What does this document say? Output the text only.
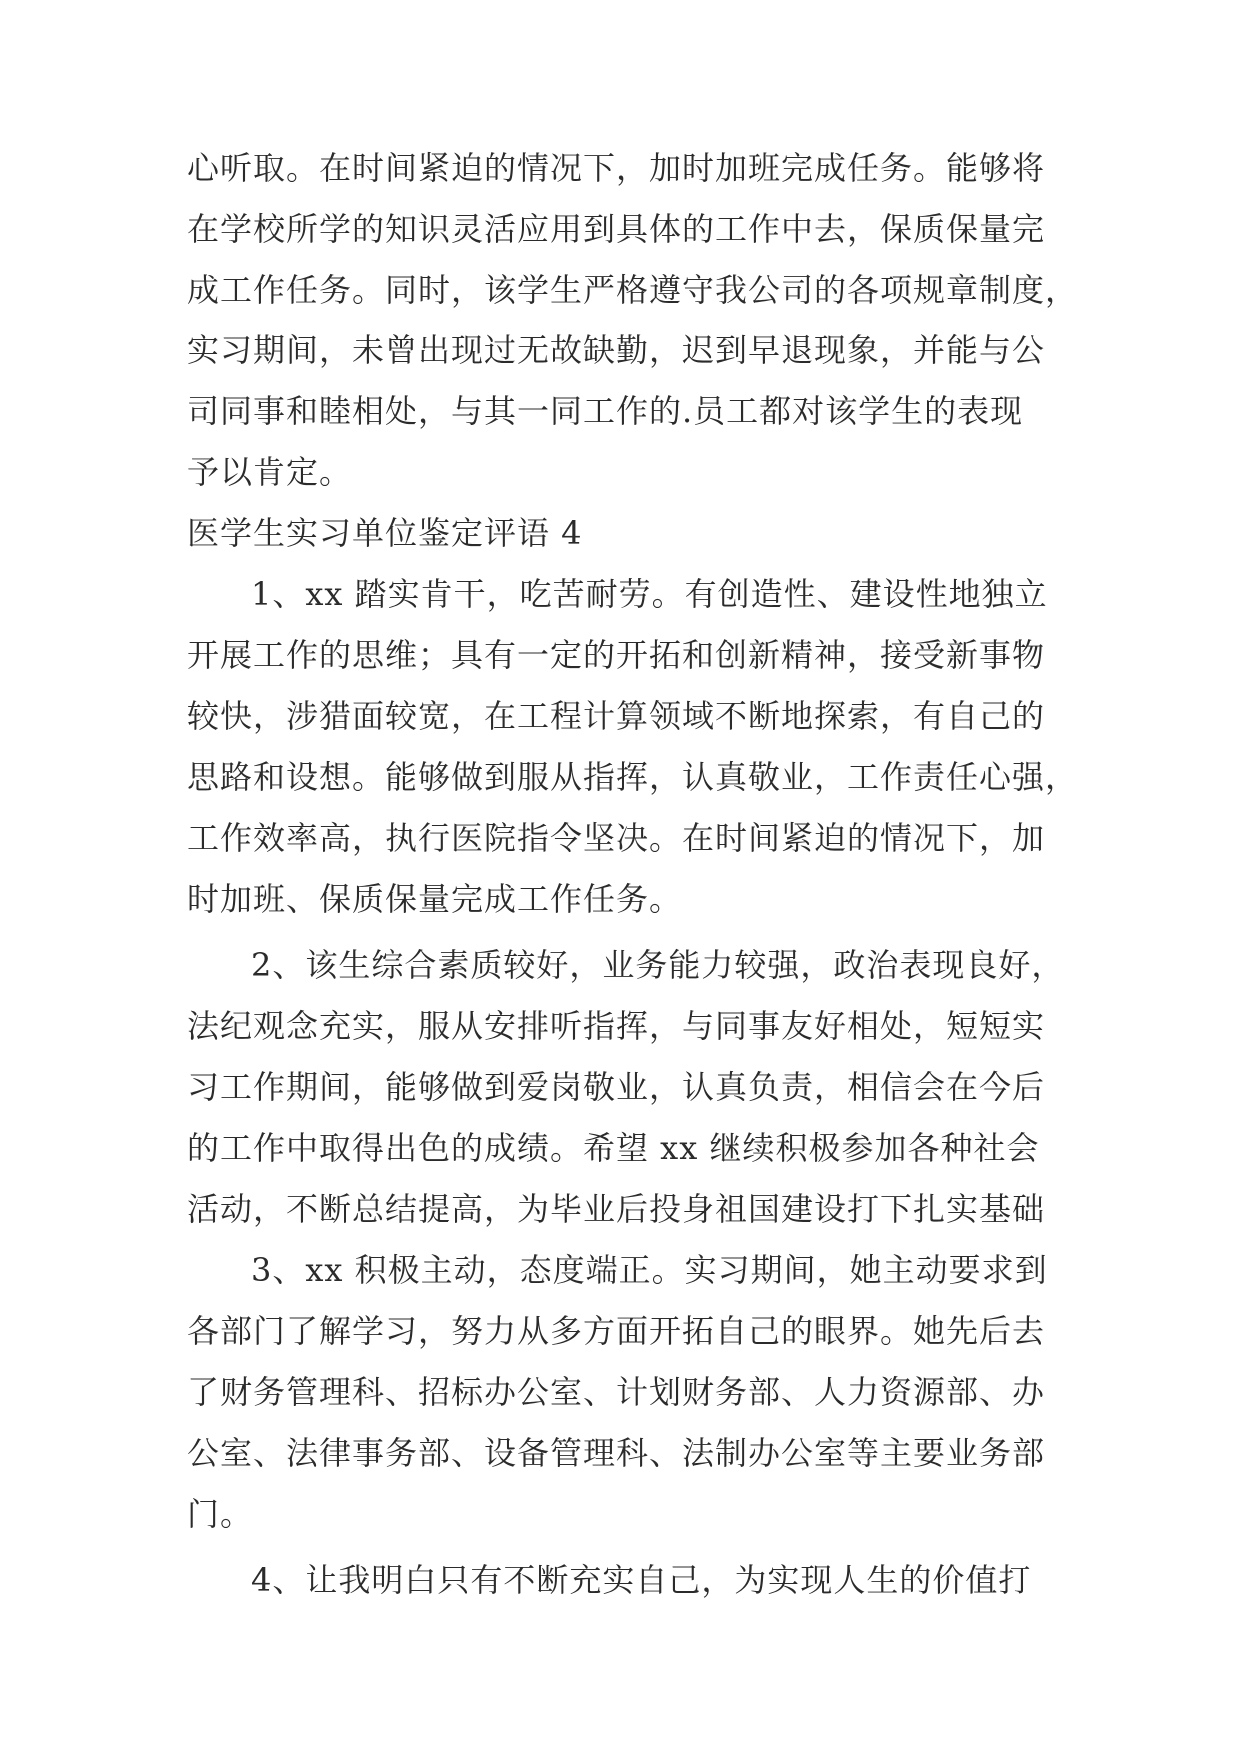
心听取。在时间紧迫的情况下，加时加班完成任务。能够将
在学校所学的知识灵活应用到具体的工作中去，保质保量完
成工作任务。同时，该学生严格遵守我公司的各项规章制度，
实习期间，未曾出现过无故缺勤，迟到早退现象，并能与公
司同事和睦相处，与其一同工作的.员工都对该学生的表现
予以肯定。
医学生实习单位鉴定评语 4
1、xx 踏实肯干，吃苦耐劳。有创造性、建设性地独立
开展工作的思维；具有一定的开拓和创新精神，接受新事物
较快，涉猎面较宽，在工程计算领域不断地探索，有自己的
思路和设想。能够做到服从指挥，认真敬业，工作责任心强，
工作效率高，执行医院指令坚决。在时间紧迫的情况下，加
时加班、保质保量完成工作任务。
2、该生综合素质较好，业务能力较强，政治表现良好，
法纪观念充实，服从安排听指挥，与同事友好相处，短短实
习工作期间，能够做到爱岗敬业，认真负责，相信会在今后
的工作中取得出色的成绩。希望 xx 继续积极参加各种社会
活动，不断总结提高，为毕业后投身祖国建设打下扎实基础
3、xx 积极主动，态度端正。实习期间，她主动要求到
各部门了解学习，努力从多方面开拓自己的眼界。她先后去
了财务管理科、招标办公室、计划财务部、人力资源部、办
公室、法律事务部、设备管理科、法制办公室等主要业务部
门。
4、让我明白只有不断充实自己，为实现人生的价值打
